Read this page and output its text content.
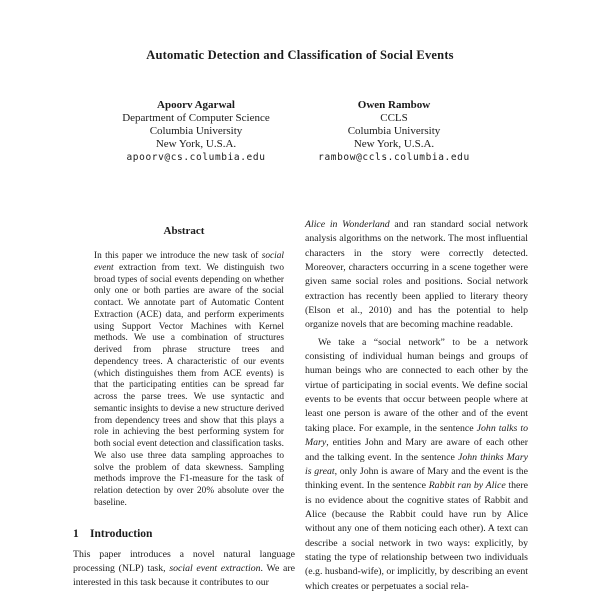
Automatic Detection and Classification of Social Events
Apoorv Agarwal
Department of Computer Science
Columbia University
New York, U.S.A.
apoorv@cs.columbia.edu
Owen Rambow
CCLS
Columbia University
New York, U.S.A.
rambow@ccls.columbia.edu
Abstract

In this paper we introduce the new task of social event extraction from text. We distinguish two broad types of social events depending on whether only one or both parties are aware of the social contact. We annotate part of Automatic Content Extraction (ACE) data, and perform experiments using Support Vector Machines with Kernel methods. We use a combination of structures derived from phrase structure trees and dependency trees. A characteristic of our events (which distinguishes them from ACE events) is that the participating entities can be spread far across the parse trees. We use syntactic and semantic insights to devise a new structure derived from dependency trees and show that this plays a role in achieving the best performing system for both social event detection and classification tasks. We also use three data sampling approaches to solve the problem of data skewness. Sampling methods improve the F1-measure for the task of relation detection by over 20% absolute over the baseline.

1 Introduction

This paper introduces a novel natural language processing (NLP) task, social event extraction. We are interested in this task because it contributes to our

Alice in Wonderland and ran standard social network analysis algorithms on the network. The most influential characters in the story were correctly detected. Moreover, characters occurring in a scene together were given same social roles and positions. Social network extraction has recently been applied to literary theory (Elson et al., 2010) and has the potential to help organize novels that are becoming machine readable.

We take a “social network” to be a network consisting of individual human beings and groups of human beings who are connected to each other by the virtue of participating in social events. We define social events to be events that occur between people where at least one person is aware of the other and of the event taking place. For example, in the sentence John talks to Mary, entities John and Mary are aware of each other and the talking event. In the sentence John thinks Mary is great, only John is aware of Mary and the event is the thinking event. In the sentence Rabbit ran by Alice there is no evidence about the cognitive states of Rabbit and Alice (because the Rabbit could have run by Alice without any one of them noticing each other). A text can describe a social network in two ways: explicitly, by stating the type of relationship between two individuals (e.g. husband-wife), or implicitly, by describing an event which creates or perpetuates a social rela-
